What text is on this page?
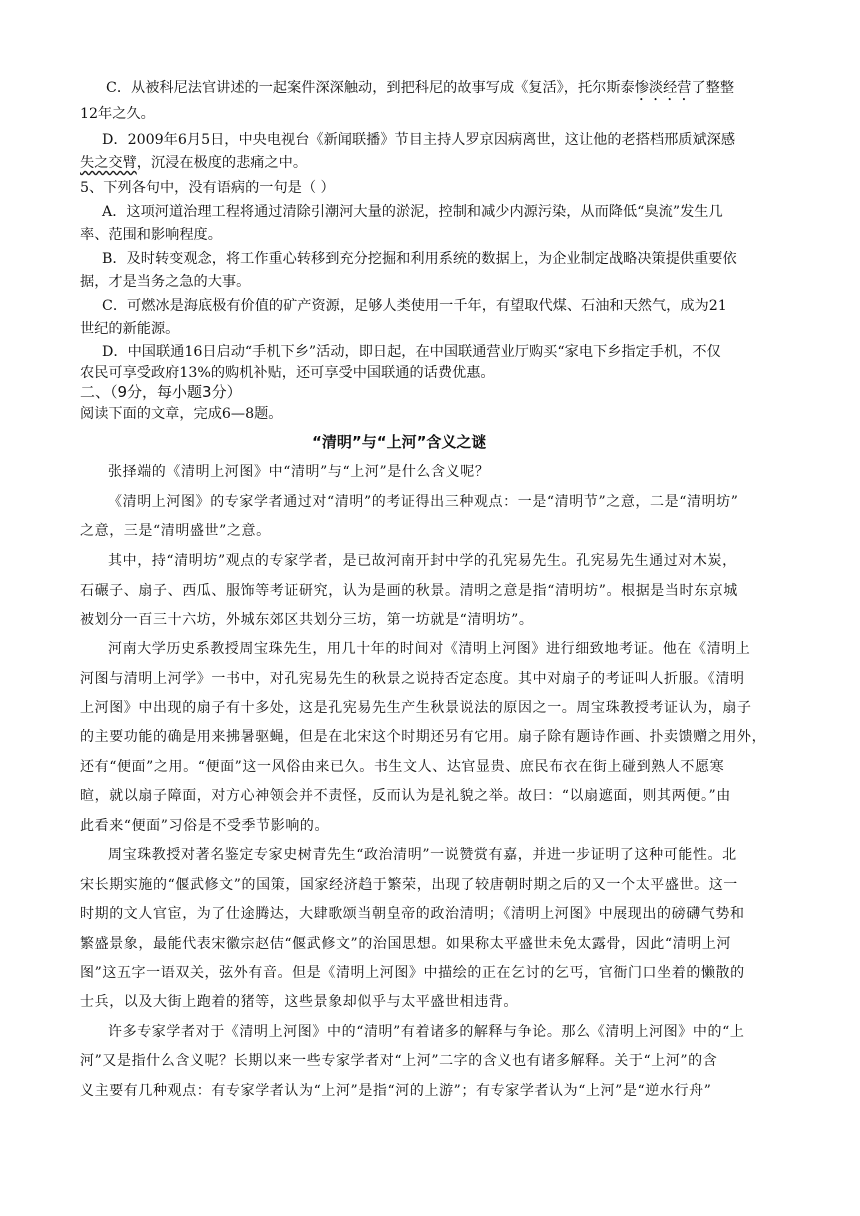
C．从被科尼法官讲述的一起案件深深触动，到把科尼的故事写成《复活》，托尔斯泰惨淡经营了整整
12年之久。
D．2009年6月5日，中央电视台《新闻联播》节目主持人罗京因病离世，这让他的老搭档邢质斌深感
失之交臂，沉浸在极度的悲痛之中。
5、下列各句中，没有语病的一句是（ ）
A．这项河道治理工程将通过清除引潮河大量的淤泥，控制和减少内源污染，从而降低“臭流”发生几
率、范围和影响程度。
B．及时转变观念，将工作重心转移到充分挖掘和利用系统的数据上，为企业制定战略决策提供重要依
据，才是当务之急的大事。
C．可燃冰是海底极有价值的矿产资源，足够人类使用一千年，有望取代煤、石油和天然气，成为21
世纪的新能源。
D．中国联通16日启动“手机下乡”活动，即日起，在中国联通营业厅购买“家电下乡指定手机，不仅
农民可享受政府13%的购机补贴，还可享受中国联通的话费优惠。
二、（9分，每小题3分）
阅读下面的文章，完成6—8题。
“清明”与“上河”含义之谜
张择端的《清明上河图》中“清明”与“上河”是什么含义呢？
《清明上河图》的专家学者通过对“清明”的考证得出三种观点：一是“清明节”之意，二是“清明坊”
之意，三是“清明盛世”之意。
其中，持“清明坊”观点的专家学者，是已故河南开封中学的孔宪易先生。孔宪易先生通过对木炭，
石碾子、扇子、西瓜、服饰等考证研究，认为是画的秋景。清明之意是指“清明坊”。根据是当时东京城
被划分一百三十六坊，外城东郊区共划分三坊，第一坊就是“清明坊”。
河南大学历史系教授周宝珠先生，用几十年的时间对《清明上河图》进行细致地考证。他在《清明上
河图与清明上河学》一书中，对孔宪易先生的秋景之说持否定态度。其中对扇子的考证叫人折服。《清明
上河图》中出现的扇子有十多处，这是孔宪易先生产生秋景说法的原因之一。周宝珠教授考证认为，扇子
的主要功能的确是用来拂暑驱蝇，但是在北宋这个时期还另有它用。扇子除有题诗作画、扑卖馈赠之用外，
还有“便面”之用。“便面”这一风俗由来已久。书生文人、达官显贵、庶民布衣在街上碰到熟人不愿寒
暄，就以扇子障面，对方心神领会并不责怪，反而认为是礼貌之举。故曰：“以扇遮面，则其两便。”由
此看来“便面”习俗是不受季节影响的。
周宝珠教授对著名鉴定专家史树青先生“政治清明”一说赞赏有嘉，并进一步证明了这种可能性。北
宋长期实施的“偃武修文”的国策，国家经济趋于繁荣，出现了较唐朝时期之后的又一个太平盛世。这一
时期的文人官宦，为了仕途腾达，大肆歌颂当朝皇帝的政治清明；《清明上河图》中展现出的磅礴气势和
繁盛景象，最能代表宋徽宗赵佶“偃武修文”的治国思想。如果称太平盛世未免太露骨，因此“清明上河
图”这五字一语双关，弦外有音。但是《清明上河图》中描绘的正在乞讨的乞丐，官衙门口坐着的懒散的
士兵，以及大街上跑着的猪等，这些景象却似乎与太平盛世相违背。
许多专家学者对于《清明上河图》中的“清明”有着诸多的解释与争论。那么《清明上河图》中的“上
河”又是指什么含义呢？长期以来一些专家学者对“上河”二字的含义也有诸多解释。关于“上河”的含
义主要有几种观点：有专家学者认为“上河”是指“河的上游”；有专家学者认为“上河”是“逆水行舟”
